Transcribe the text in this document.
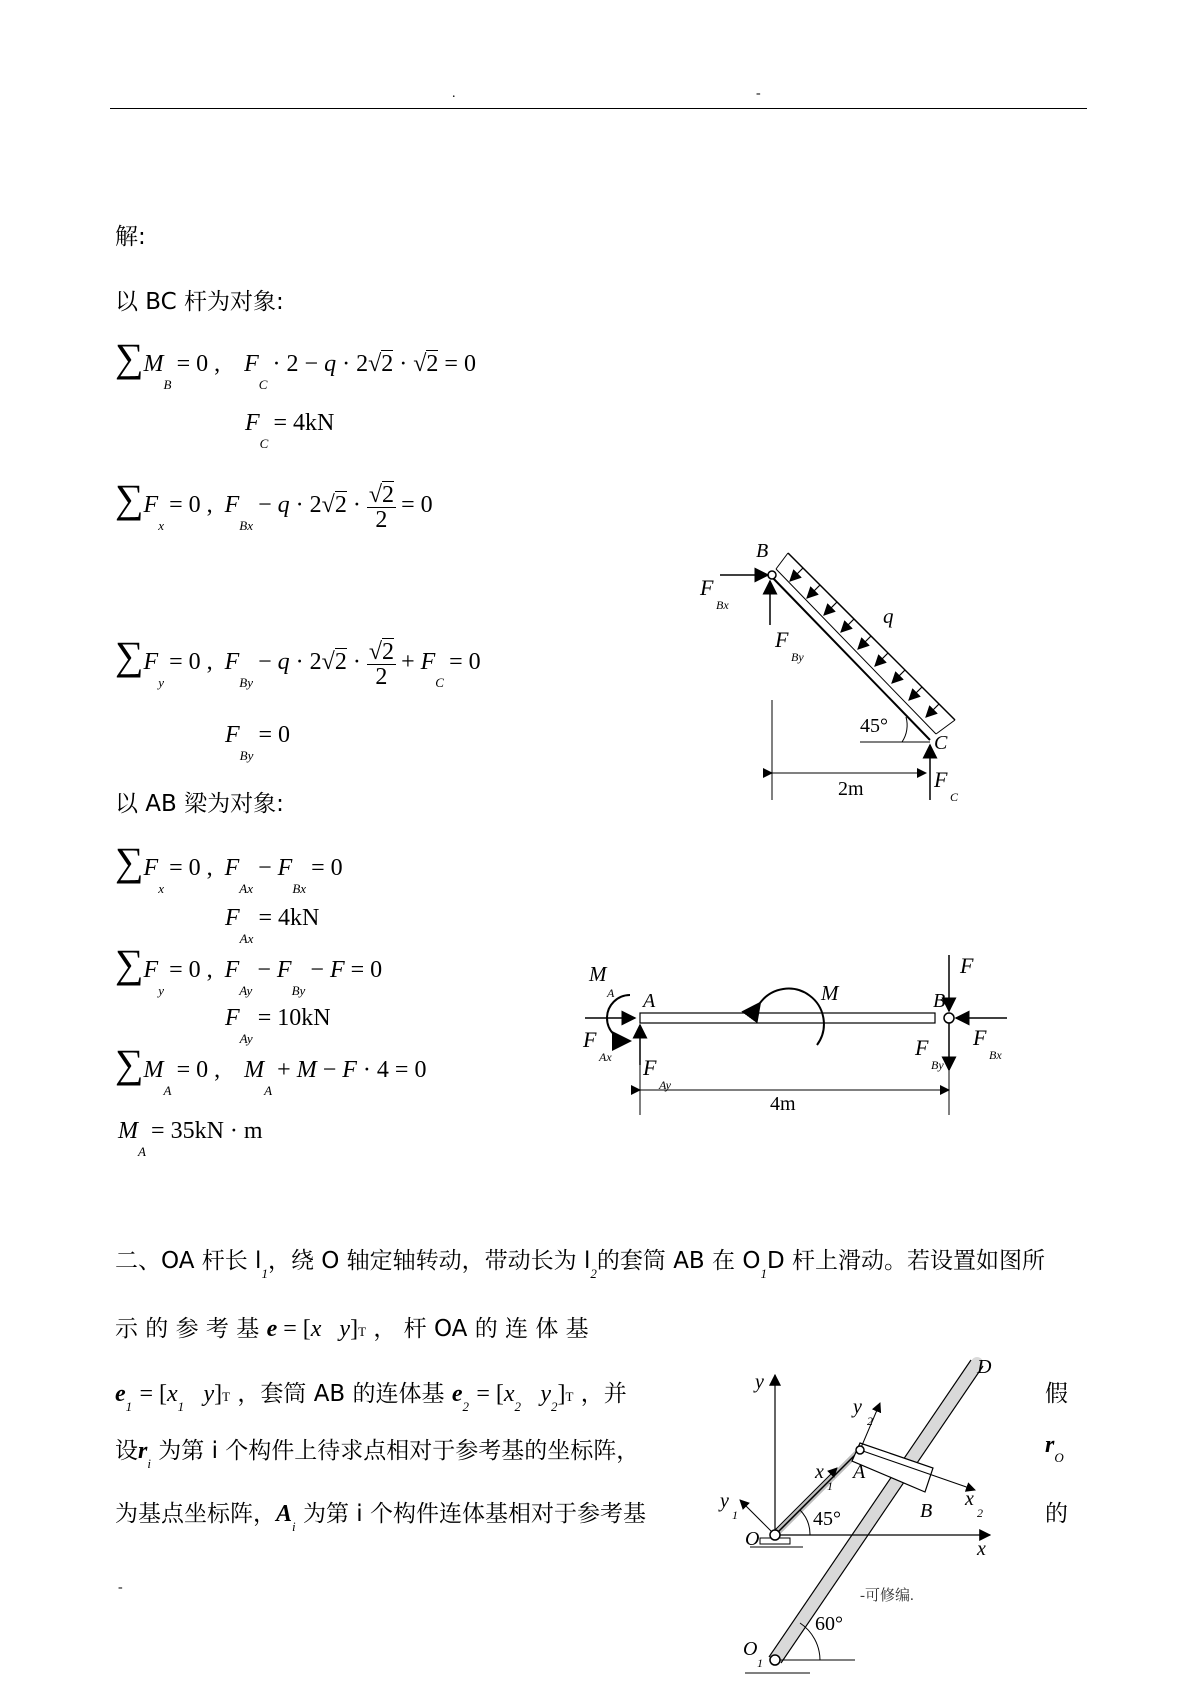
.	-
解:
以 BC 杆为对象:
$\sum M_B = 0$ ,    $F_C \cdot 2 - q \cdot 2√2 \cdot √2 = 0$
$F_C = 4kN$
$\sum F_x = 0$ ,  $F_{Bx} - q \cdot 2√2 \cdot \frac{√2}{2} = 0$
$\sum F_y = 0$ ,  $F_{By} - q \cdot 2√2 \cdot \frac{√2}{2} + F_C = 0$
$F_{By} = 0$
以 AB 梁为对象:
$\sum F_x = 0$ ,  $F_{Ax} - F_{Bx} = 0$
$F_{Ax} = 4kN$
$\sum F_y = 0$ ,  $F_{Ay} - F_{By} - F = 0$
$F_{Ay} = 10kN$
$\sum M_A = 0$ ,    $M_A + M - F \cdot 4 = 0$
$M_A = 35kN \cdot m$
B
F
Bx
F
By
q
45°
C
2m	F
C
M
A A
F
Ax F
Ay
M	B
F
F
By
F
Bx
4m
二、OA 杆长 $l_1$，绕 O 轴定轴转动，带动长为 $l_2$的套筒 AB 在 $O_1D$ 杆上滑动。若设置如图所
示 的 参 考 基 e = [x y]T ， 杆 OA 的 连 体 基
$e_1 = [x_1$ y]T ，套筒 AB 的连体基 $e_2 = [x_2$ $y_2]T$ ，并	假
设$r_i$ 为第 i 个构件上待求点相对于参考基的坐标阵，	$r_O$
为基点坐标阵，$A_i$ 为第 i 个构件连体基相对于参考基	的
D
y
y
2
x
1
A
y
1
x
2
B
O
45°
x
-可修编.
60°
O
1
-
